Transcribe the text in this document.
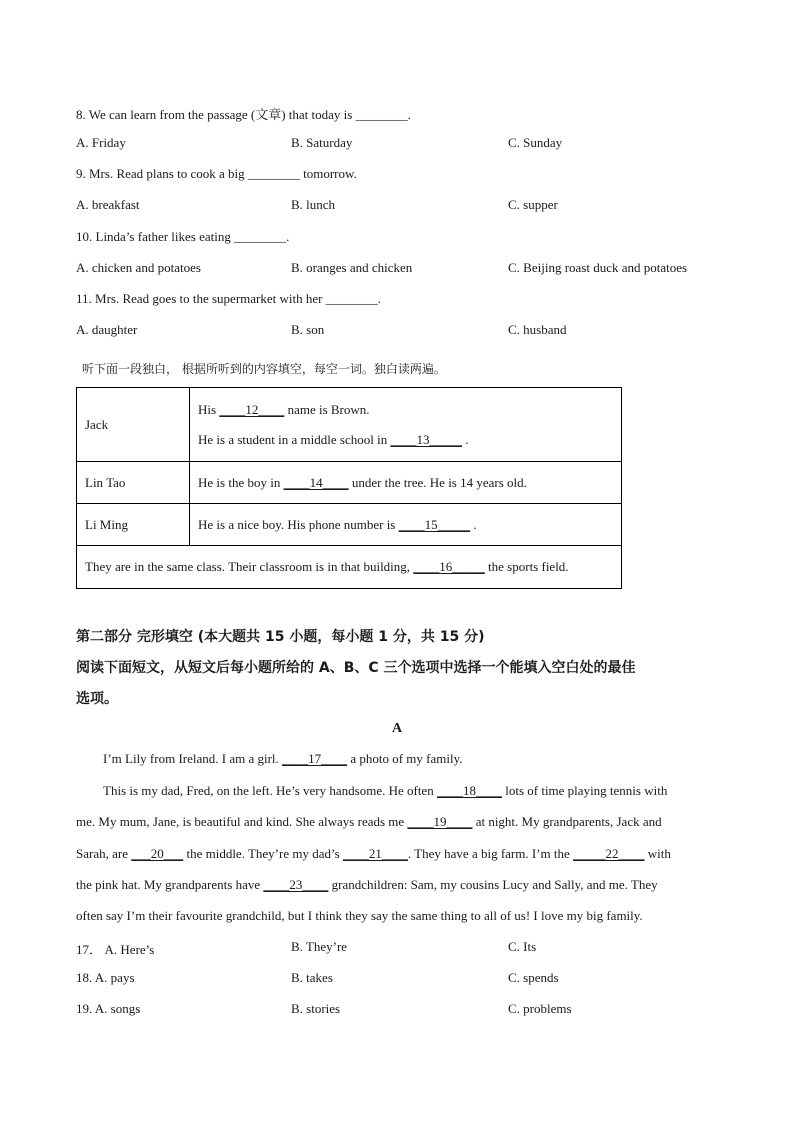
8. We can learn from the passage (文章) that today is ________.
A. Friday	B. Saturday	C. Sunday
9. Mrs. Read plans to cook a big ________ tomorrow.
A. breakfast	B. lunch	C. supper
10. Linda’s father likes eating ________.
A. chicken and potatoes	B. oranges and chicken	C. Beijing roast duck and potatoes
11. Mrs. Read goes to the supermarket with her ________.
A. daughter	B. son	C. husband
听下面一段独白， 根据所听到的内容填空，每空一词。独白读两遍。
Jack	His ____12____ name is Brown.
He is a student in a middle school in ____13_____ .

Lin Tao	He is the boy in ____14____ under the tree. He is 14 years old.
Li Ming	He is a nice boy. His phone number is ____15_____ .
They are in the same class. Their classroom is in that building, ____16_____ the sports field.	
第二部分 完形填空 (本大题共 15 小题，每小题 1 分，共 15 分)
阅读下面短文，从短文后每小题所给的 A、B、C 三个选项中选择一个能填入空白处的最佳
选项。
A
I’m Lily from Ireland. I am a girl. ____17____ a photo of my family.
This is my dad, Fred, on the left. He’s very handsome. He often ____18____ lots of time playing tennis with
me. My mum, Jane, is beautiful and kind. She always reads me ____19____ at night. My grandparents, Jack and
Sarah, are ___20___ the middle. They’re my dad’s ____21____. They have a big farm. I’m the _____22____ with
the pink hat. My grandparents have ____23____ grandchildren: Sam, my cousins Lucy and Sally, and me. They
often say I’m their favourite grandchild, but I think they say the same thing to all of us! I love my big family.
17． A. Here’s	B. They’re	C. Its
18. A. pays	B. takes	C. spends
19. A. songs	B. stories	C. problems
